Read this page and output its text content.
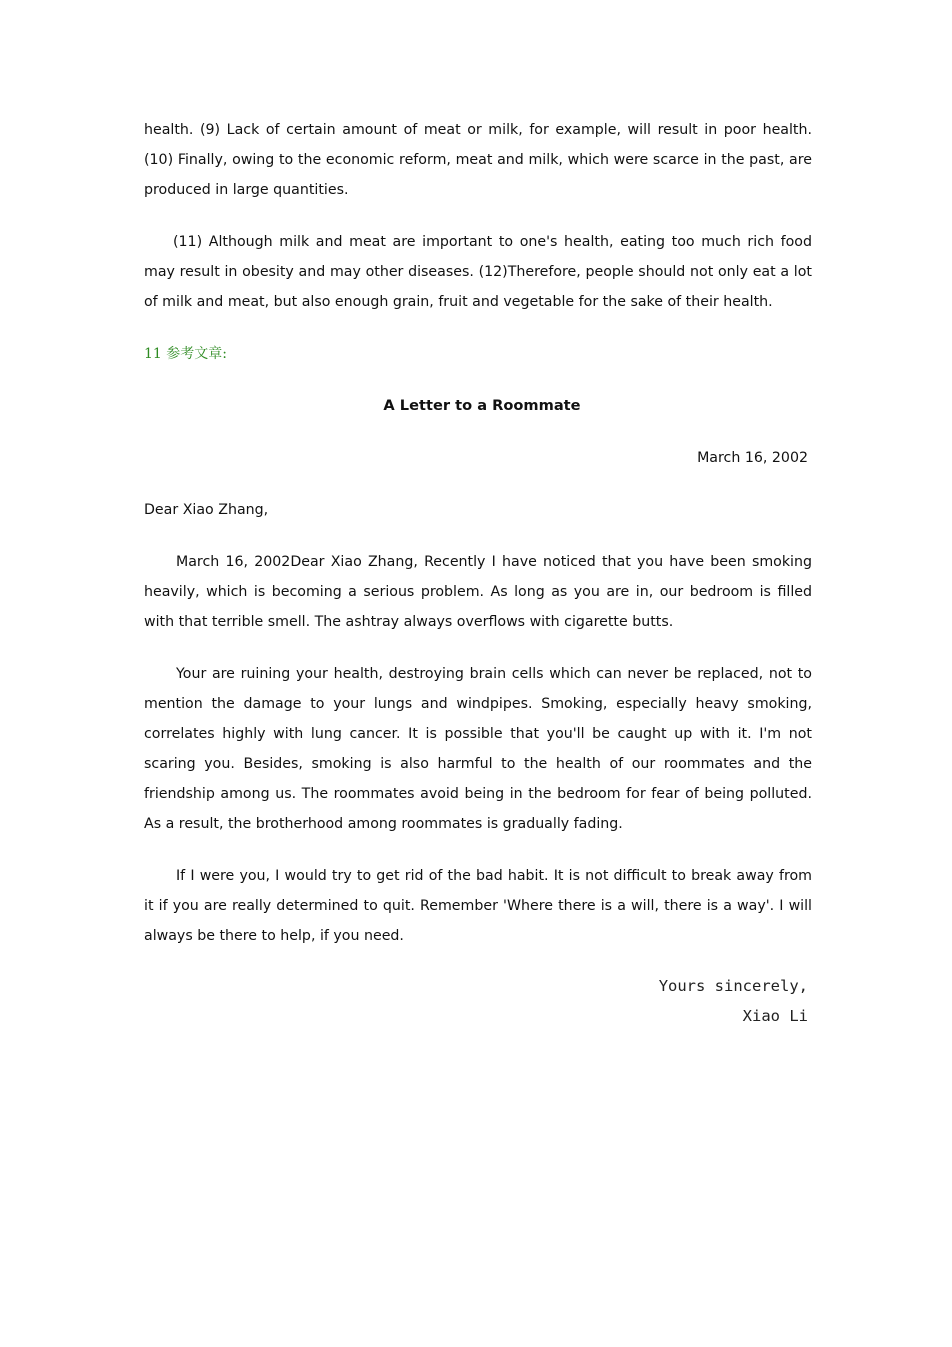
health. (9) Lack of certain amount of meat or milk, for example, will result in poor health. (10) Finally, owing to the economic reform, meat and milk, which were scarce in the past, are produced in large quantities.

(11) Although milk and meat are important to one's health, eating too much rich food may result in obesity and may other diseases. (12)Therefore, people should not only eat a lot of milk and meat, but also enough grain, fruit and vegetable for the sake of their health.

11 参考文章:

A Letter to a Roommate

March 16, 2002

Dear Xiao Zhang,

March 16, 2002Dear Xiao Zhang, Recently I have noticed that you have been smoking heavily, which is becoming a serious problem. As long as you are in, our bedroom is filled with that terrible smell. The ashtray always overflows with cigarette butts.

Your are ruining your health, destroying brain cells which can never be replaced, not to mention the damage to your lungs and windpipes. Smoking, especially heavy smoking, correlates highly with lung cancer. It is possible that you'll be caught up with it. I'm not scaring you. Besides, smoking is also harmful to the health of our roommates and the friendship among us. The roommates avoid being in the bedroom for fear of being polluted. As a result, the brotherhood among roommates is gradually fading.

If I were you, I would try to get rid of the bad habit. It is not difficult to break away from it if you are really determined to quit. Remember 'Where there is a will, there is a way'. I will always be there to help, if you need.

Yours sincerely,

Xiao Li
